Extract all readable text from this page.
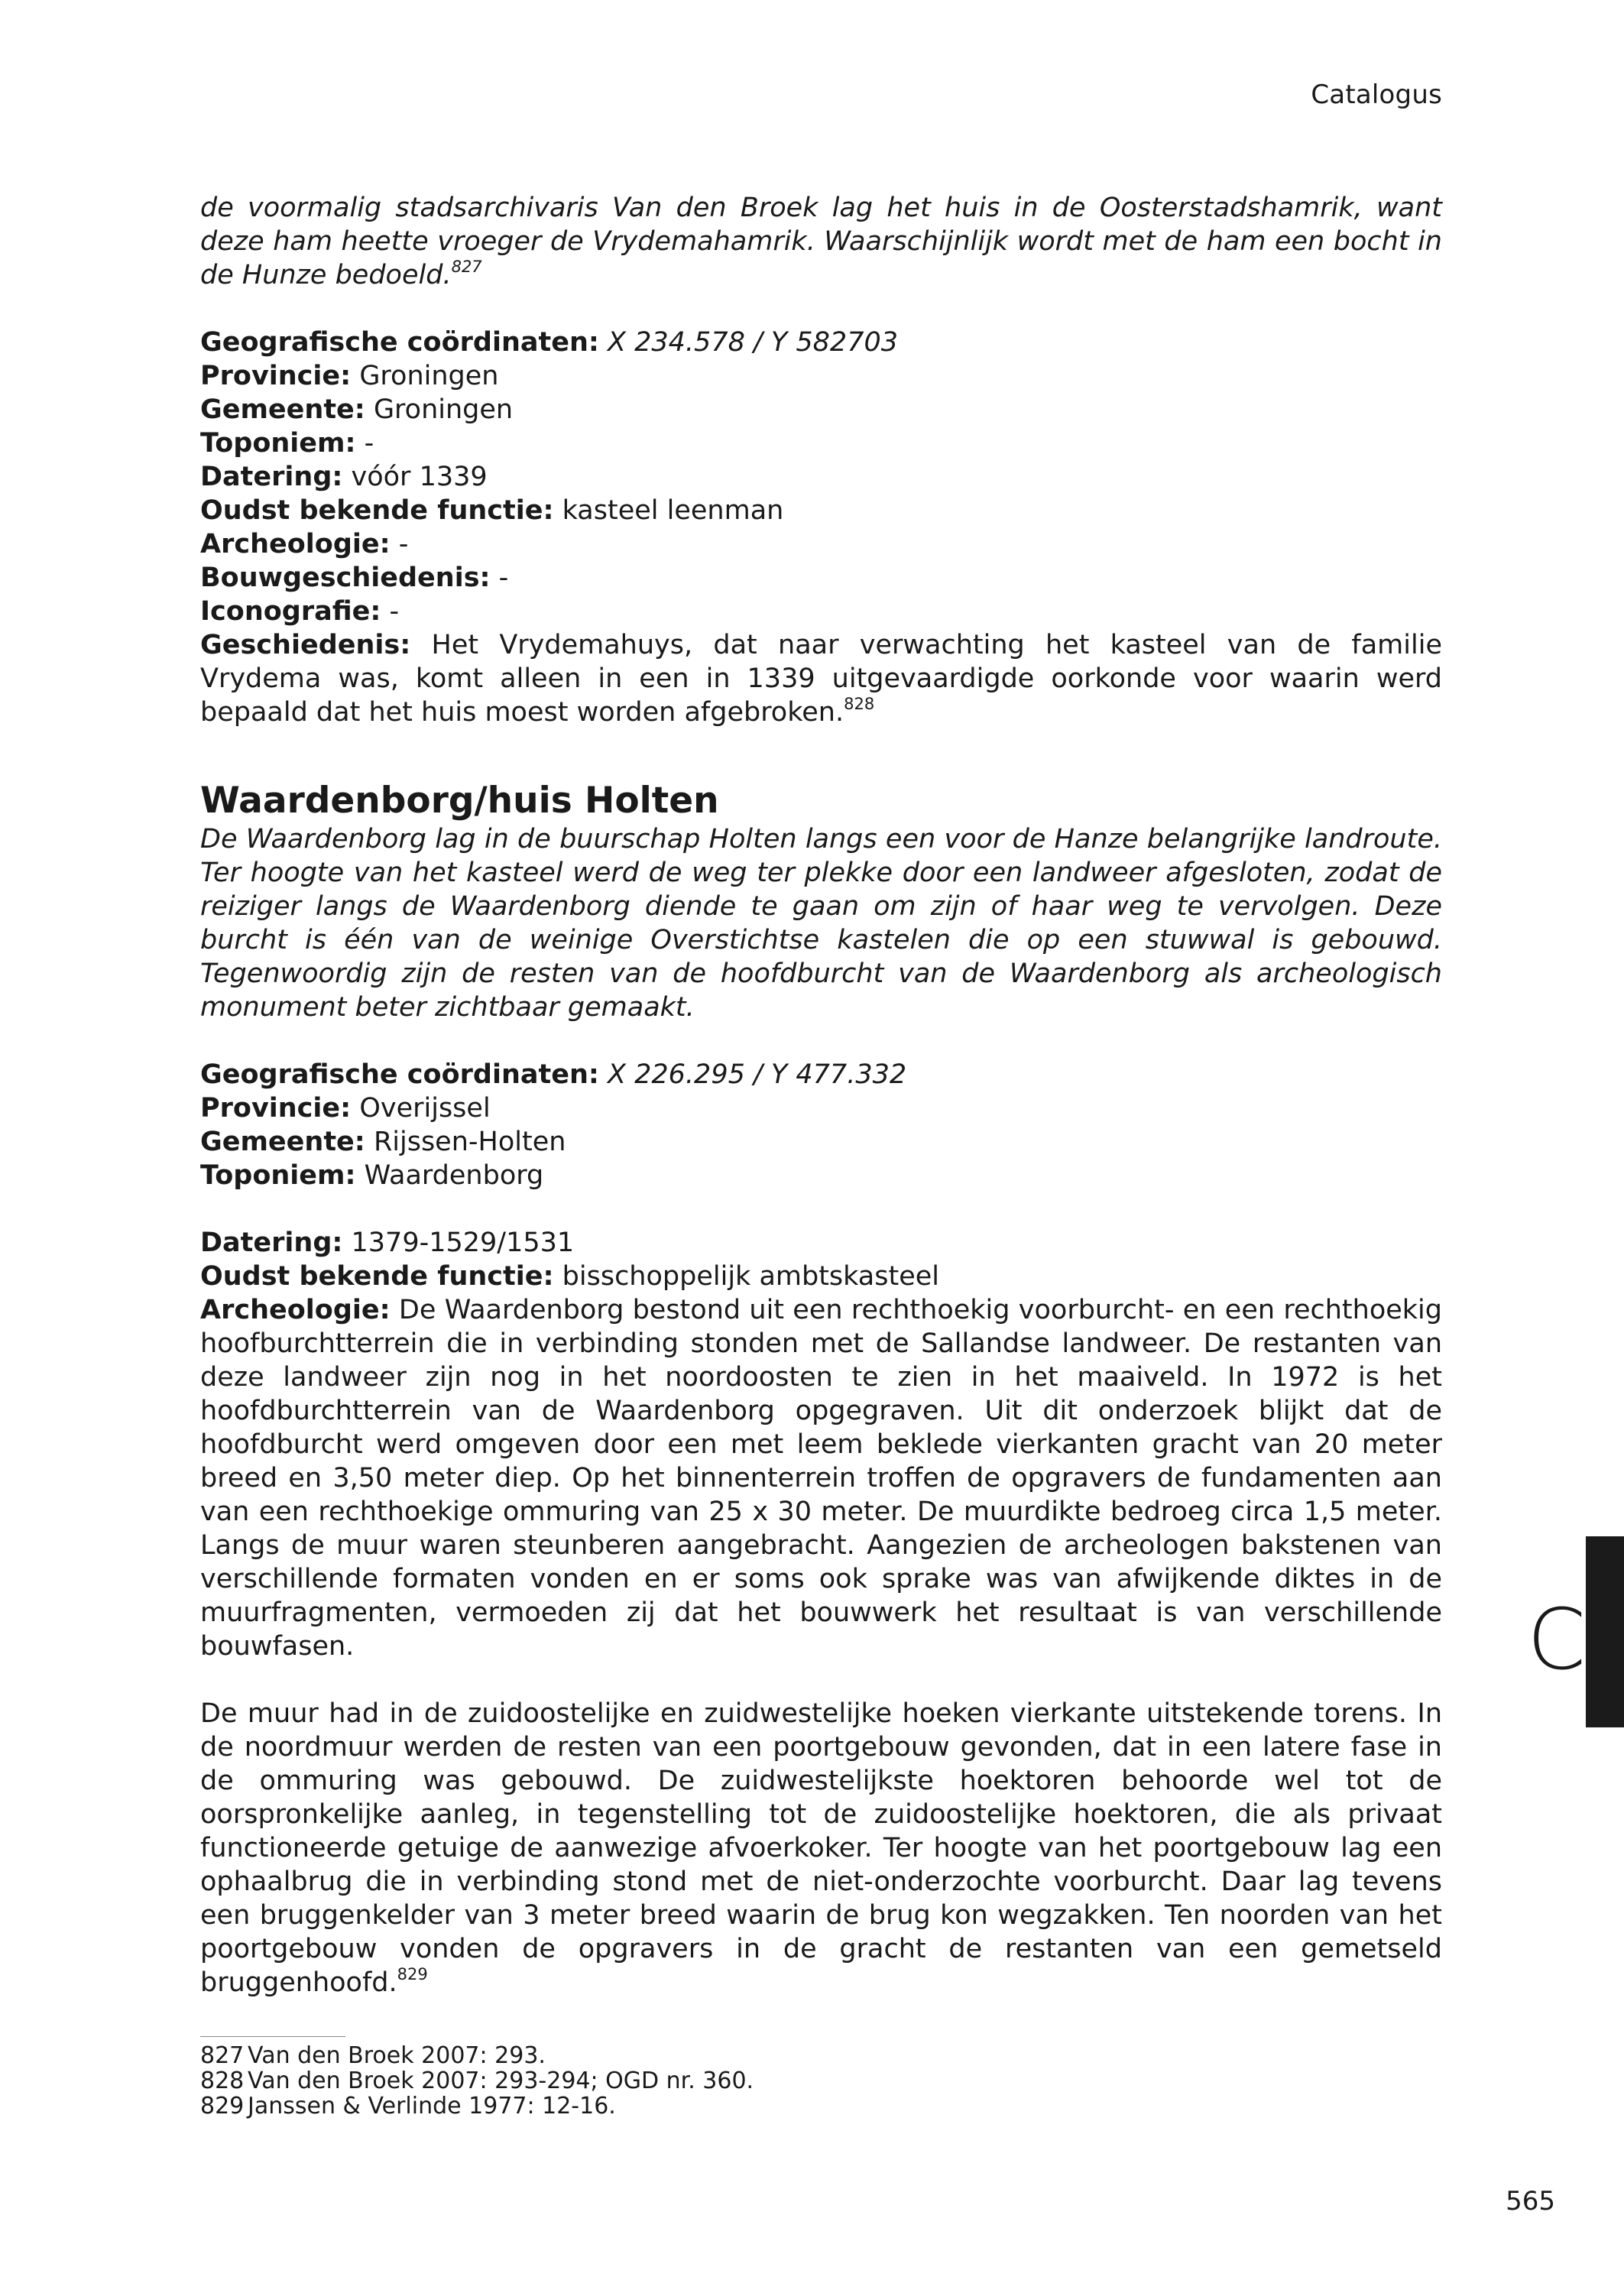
Catalogus

de voormalig stadsarchivaris Van den Broek lag het huis in de Oosterstadshamrik, want deze ham heette vroeger de Vrydemahamrik. Waarschijnlijk wordt met de ham een bocht in de Hunze bedoeld.$^{827}$

Geografische coördinaten: X 234.578 / Y 582703

Provincie: Groningen

Gemeente: Groningen

Toponiem: -

Datering: vóór 1339

Oudst bekende functie: kasteel leenman

Archeologie: -

Bouwgeschiedenis: -

Iconografie: -

Geschiedenis: Het Vrydemahuys, dat naar verwachting het kasteel van de familie Vrydema was, komt alleen in een in 1339 uitgevaardigde oorkonde voor waarin werd bepaald dat het huis moest worden afgebroken.$^{828}$

Waardenborg/huis Holten

De Waardenborg lag in de buurschap Holten langs een voor de Hanze belangrijke landroute. Ter hoogte van het kasteel werd de weg ter plekke door een landweer afgesloten, zodat de reiziger langs de Waardenborg diende te gaan om zijn of haar weg te vervolgen. Deze burcht is één van de weinige Overstichtse kastelen die op een stuwwal is gebouwd. Tegenwoordig zijn de resten van de hoofdburcht van de Waardenborg als archeologisch monument beter zichtbaar gemaakt.

Geografische coördinaten: X 226.295 / Y 477.332

Provincie: Overijssel

Gemeente: Rijssen-Holten

Toponiem: Waardenborg

Datering: 1379-1529/1531

Oudst bekende functie: bisschoppelijk ambtskasteel

Archeologie: De Waardenborg bestond uit een rechthoekig voorburcht- en een rechthoekig hoofburchtterrein die in verbinding stonden met de Sallandse landweer. De restanten van deze landweer zijn nog in het noordoosten te zien in het maaiveld. In 1972 is het hoofdburchtterrein van de Waardenborg opgegraven. Uit dit onderzoek blijkt dat de hoofdburcht werd omgeven door een met leem beklede vierkanten gracht van 20 meter breed en 3,50 meter diep. Op het binnenterrein troffen de opgravers de fundamenten aan van een rechthoekige ommuring van 25 x 30 meter. De muurdikte bedroeg circa 1,5 meter. Langs de muur waren steunberen aangebracht. Aangezien de archeologen bakstenen van verschillende formaten vonden en er soms ook sprake was van afwijkende diktes in de muurfragmenten, vermoeden zij dat het bouwwerk het resultaat is van verschillende bouwfasen.

De muur had in de zuidoostelijke en zuidwestelijke hoeken vierkante uitstekende torens. In de noordmuur werden de resten van een poortgebouw gevonden, dat in een latere fase in de ommuring was gebouwd. De zuidwestelijkste hoektoren behoorde wel tot de oorspronkelijke aanleg, in tegenstelling tot de zuidoostelijke hoektoren, die als privaat functioneerde getuige de aanwezige afvoerkoker. Ter hoogte van het poortgebouw lag een ophaalbrug die in verbinding stond met de niet-onderzochte voorburcht. Daar lag tevens een bruggenkelder van 3 meter breed waarin de brug kon wegzakken. Ten noorden van het poortgebouw vonden de opgravers in de gracht de restanten van een gemetseld bruggenhoofd.$^{829}$

827 Van den Broek 2007: 293.
828 Van den Broek 2007: 293-294; OGD nr. 360.
829 Janssen & Verlinde 1977: 12-16.
C
565
